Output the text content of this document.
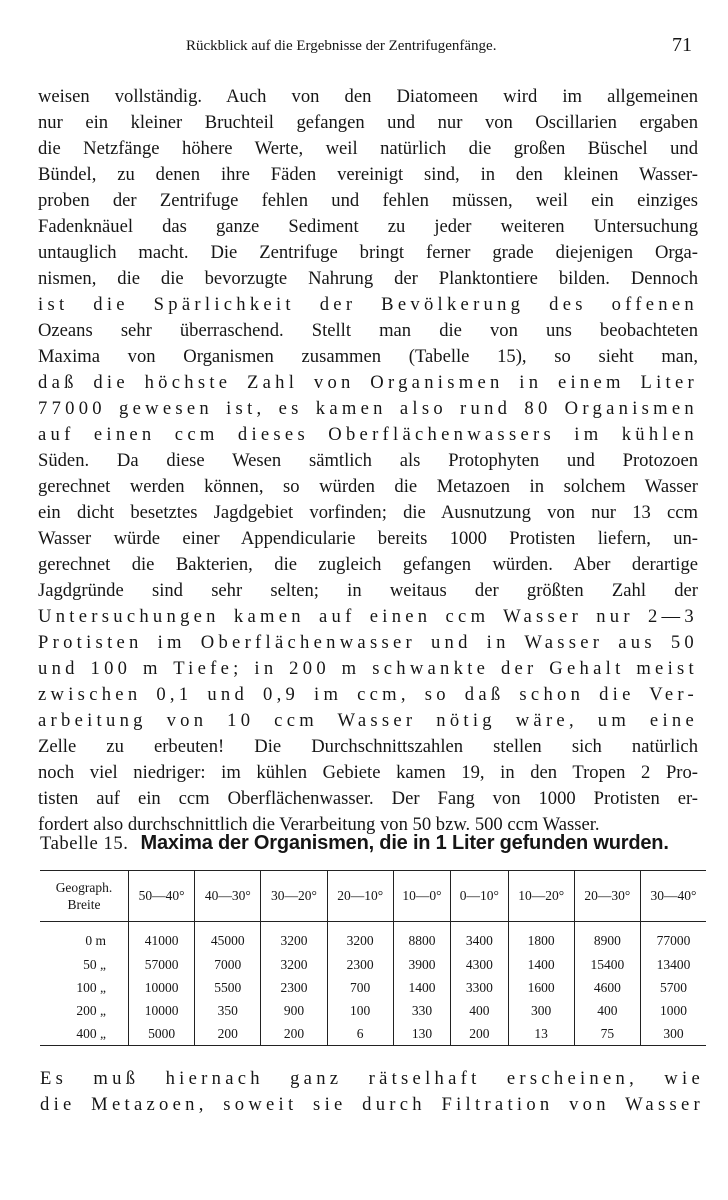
Rückblick auf die Ergebnisse der Zentrifugenfänge.	71
weisen vollständig. Auch von den Diatomeen wird im allgemeinen
nur ein kleiner Bruchteil gefangen und nur von Oscillarien ergaben
die Netzfänge höhere Werte, weil natürlich die großen Büschel und
Bündel, zu denen ihre Fäden vereinigt sind, in den kleinen Wasser-
proben der Zentrifuge fehlen und fehlen müssen, weil ein einziges
Fadenknäuel das ganze Sediment zu jeder weiteren Untersuchung
untauglich macht. Die Zentrifuge bringt ferner grade diejenigen Orga-
nismen, die die bevorzugte Nahrung der Planktontiere bilden. Dennoch
ist die Spärlichkeit der Bevölkerung des offenen
Ozeans sehr überraschend. Stellt man die von uns beobachteten
Maxima von Organismen zusammen (Tabelle 15), so sieht man,
daß die höchste Zahl von Organismen in einem Liter
77000 gewesen ist, es kamen also rund 80 Organismen
auf einen ccm dieses Oberflächenwassers im kühlen
Süden. Da diese Wesen sämtlich als Protophyten und Protozoen
gerechnet werden können, so würden die Metazoen in solchem Wasser
ein dicht besetztes Jagdgebiet vorfinden; die Ausnutzung von nur 13 ccm
Wasser würde einer Appendicularie bereits 1000 Protisten liefern, un-
gerechnet die Bakterien, die zugleich gefangen würden. Aber derartige
Jagdgründe sind sehr selten; in weitaus der größten Zahl der
Untersuchungen kamen auf einen ccm Wasser nur 2—3
Protisten im Oberflächenwasser und in Wasser aus 50
und 100 m Tiefe; in 200 m schwankte der Gehalt meist
zwischen 0,1 und 0,9 im ccm, so daß schon die Ver-
arbeitung von 10 ccm Wasser nötig wäre, um eine
Zelle zu erbeuten! Die Durchschnittszahlen stellen sich natürlich
noch viel niedriger: im kühlen Gebiete kamen 19, in den Tropen 2 Pro-
tisten auf ein ccm Oberflächenwasser. Der Fang von 1000 Protisten er-
fordert also durchschnittlich die Verarbeitung von 50 bzw. 500 ccm Wasser.
Tabelle 15. Maxima der Organismen, die in 1 Liter gefunden wurden.
Geograph.
Breite	50—40°	40—30°	30—20°	20—10°	10—0°	0—10°	10—20°	20—30°	30—40°
0 m	41000	45000	3200	3200	8800	3400	1800	8900	77000
50 „	57000	7000	3200	2300	3900	4300	1400	15400	13400
100 „	10000	5500	2300	700	1400	3300	1600	4600	5700
200 „	10000	350	900	100	330	400	300	400	1000
400 „	5000	200	200	6	130	200	13	75	300
Es muß hiernach ganz rätselhaft erscheinen, wie
die Metazoen, soweit sie durch Filtration von Wasser
